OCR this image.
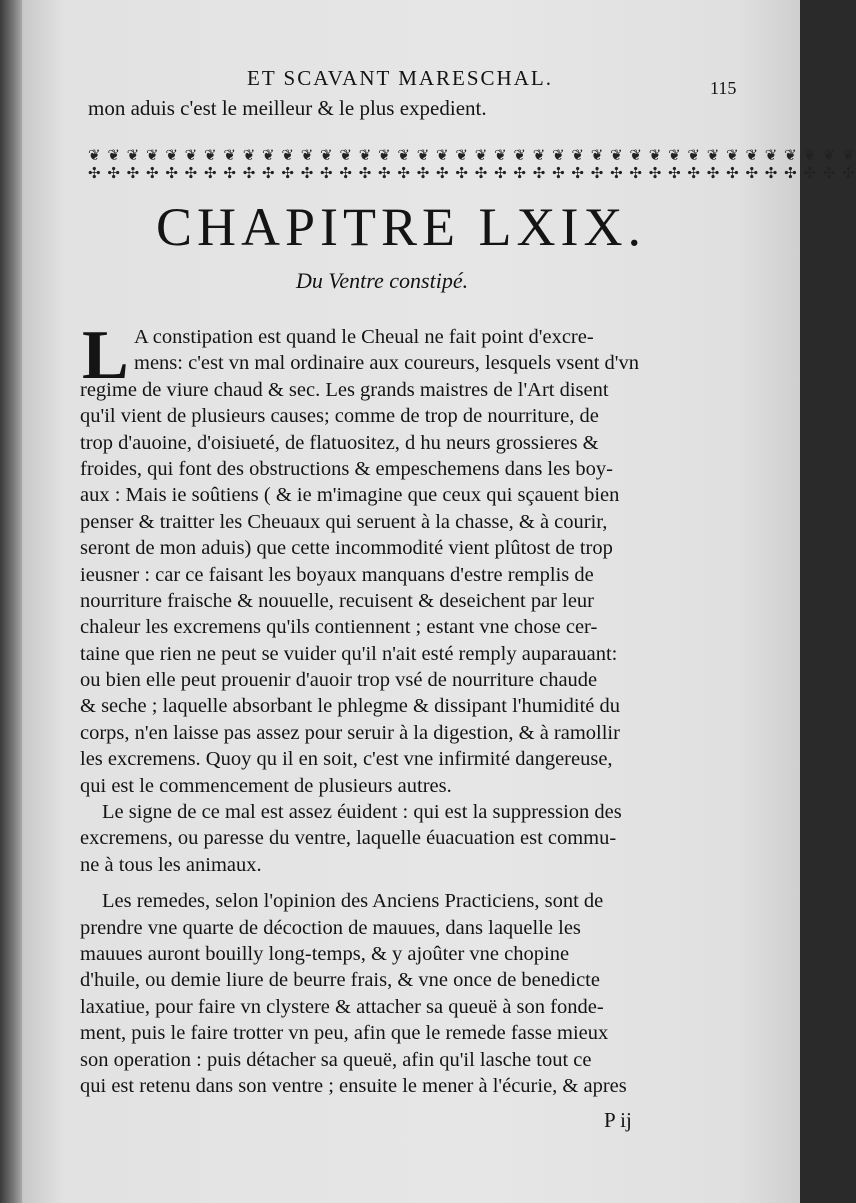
ET SCAVANT MARESCHAL.	115
mon aduis c'est le meilleur & le plus expedient.
❦ ❦ ❦ ❦ ❦ ❦ ❦ ❦ ❦ ❦ ❦ ❦ ❦ ❦ ❦ ❦ ❦ ❦ ❦ ❦ ❦ ❦ ❦ ❦ ❦ ❦ ❦ ❦ ❦ ❦ ❦ ❦ ❦ ❦ ❦ ❦ ❦ ❦ ❦ ❦
✣ ✣ ✣ ✣ ✣ ✣ ✣ ✣ ✣ ✣ ✣ ✣ ✣ ✣ ✣ ✣ ✣ ✣ ✣ ✣ ✣ ✣ ✣ ✣ ✣ ✣ ✣ ✣ ✣ ✣ ✣ ✣ ✣ ✣ ✣ ✣ ✣ ✣ ✣ ✣
CHAPITRE LXIX.
Du Ventre constipé.
L A constipation est quand le Cheual ne fait point d'excre-
mens: c'est vn mal ordinaire aux coureurs, lesquels vsent d'vn
regime de viure chaud & sec. Les grands maistres de l'Art disent
qu'il vient de plusieurs causes; comme de trop de nourriture, de
trop d'auoine, d'oisiueté, de flatuositez, d hu neurs grossieres &
froides, qui font des obstructions & empeschemens dans les boy-
aux : Mais ie soûtiens ( & ie m'imagine que ceux qui sçauent bien
penser & traitter les Cheuaux qui seruent à la chasse, & à courir,
seront de mon aduis) que cette incommodité vient plûtost de trop
ieusner : car ce faisant les boyaux manquans d'estre remplis de
nourriture fraische & nouuelle, recuisent & deseichent par leur
chaleur les excremens qu'ils contiennent ; estant vne chose cer-
taine que rien ne peut se vuider qu'il n'ait esté remply auparauant:
ou bien elle peut prouenir d'auoir trop vsé de nourriture chaude
& seche ; laquelle absorbant le phlegme & dissipant l'humidité du
corps, n'en laisse pas assez pour seruir à la digestion, & à ramollir
les excremens. Quoy qu il en soit, c'est vne infirmité dangereuse,
qui est le commencement de plusieurs autres.
Le signe de ce mal est assez éuident : qui est la suppression des
excremens, ou paresse du ventre, laquelle éuacuation est commu-
ne à tous les animaux.
Les remedes, selon l'opinion des Anciens Practiciens, sont de
prendre vne quarte de décoction de mauues, dans laquelle les
mauues auront bouilly long-temps, & y ajoûter vne chopine
d'huile, ou demie liure de beurre frais, & vne once de benedicte
laxatiue, pour faire vn clystere & attacher sa queuë à son fonde-
ment, puis le faire trotter vn peu, afin que le remede fasse mieux
son operation : puis détacher sa queuë, afin qu'il lasche tout ce
qui est retenu dans son ventre ; ensuite le mener à l'écurie, & apres
P ij
